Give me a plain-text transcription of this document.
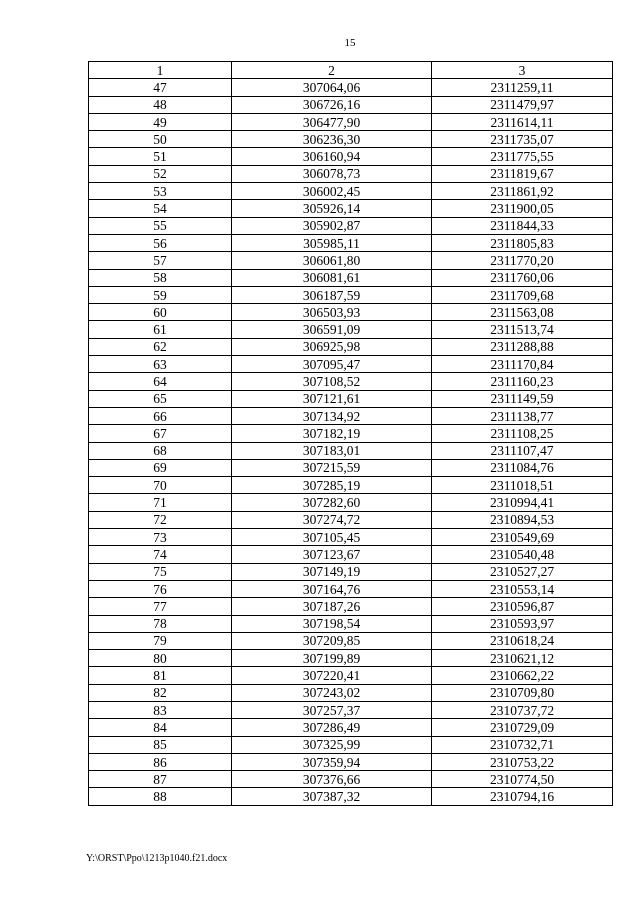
15
1	2	3
47	307064,06	2311259,11
48	306726,16	2311479,97
49	306477,90	2311614,11
50	306236,30	2311735,07
51	306160,94	2311775,55
52	306078,73	2311819,67
53	306002,45	2311861,92
54	305926,14	2311900,05
55	305902,87	2311844,33
56	305985,11	2311805,83
57	306061,80	2311770,20
58	306081,61	2311760,06
59	306187,59	2311709,68
60	306503,93	2311563,08
61	306591,09	2311513,74
62	306925,98	2311288,88
63	307095,47	2311170,84
64	307108,52	2311160,23
65	307121,61	2311149,59
66	307134,92	2311138,77
67	307182,19	2311108,25
68	307183,01	2311107,47
69	307215,59	2311084,76
70	307285,19	2311018,51
71	307282,60	2310994,41
72	307274,72	2310894,53
73	307105,45	2310549,69
74	307123,67	2310540,48
75	307149,19	2310527,27
76	307164,76	2310553,14
77	307187,26	2310596,87
78	307198,54	2310593,97
79	307209,85	2310618,24
80	307199,89	2310621,12
81	307220,41	2310662,22
82	307243,02	2310709,80
83	307257,37	2310737,72
84	307286,49	2310729,09
85	307325,99	2310732,71
86	307359,94	2310753,22
87	307376,66	2310774,50
88	307387,32	2310794,16
Y:\ORST\Ppo\1213p1040.f21.docx
